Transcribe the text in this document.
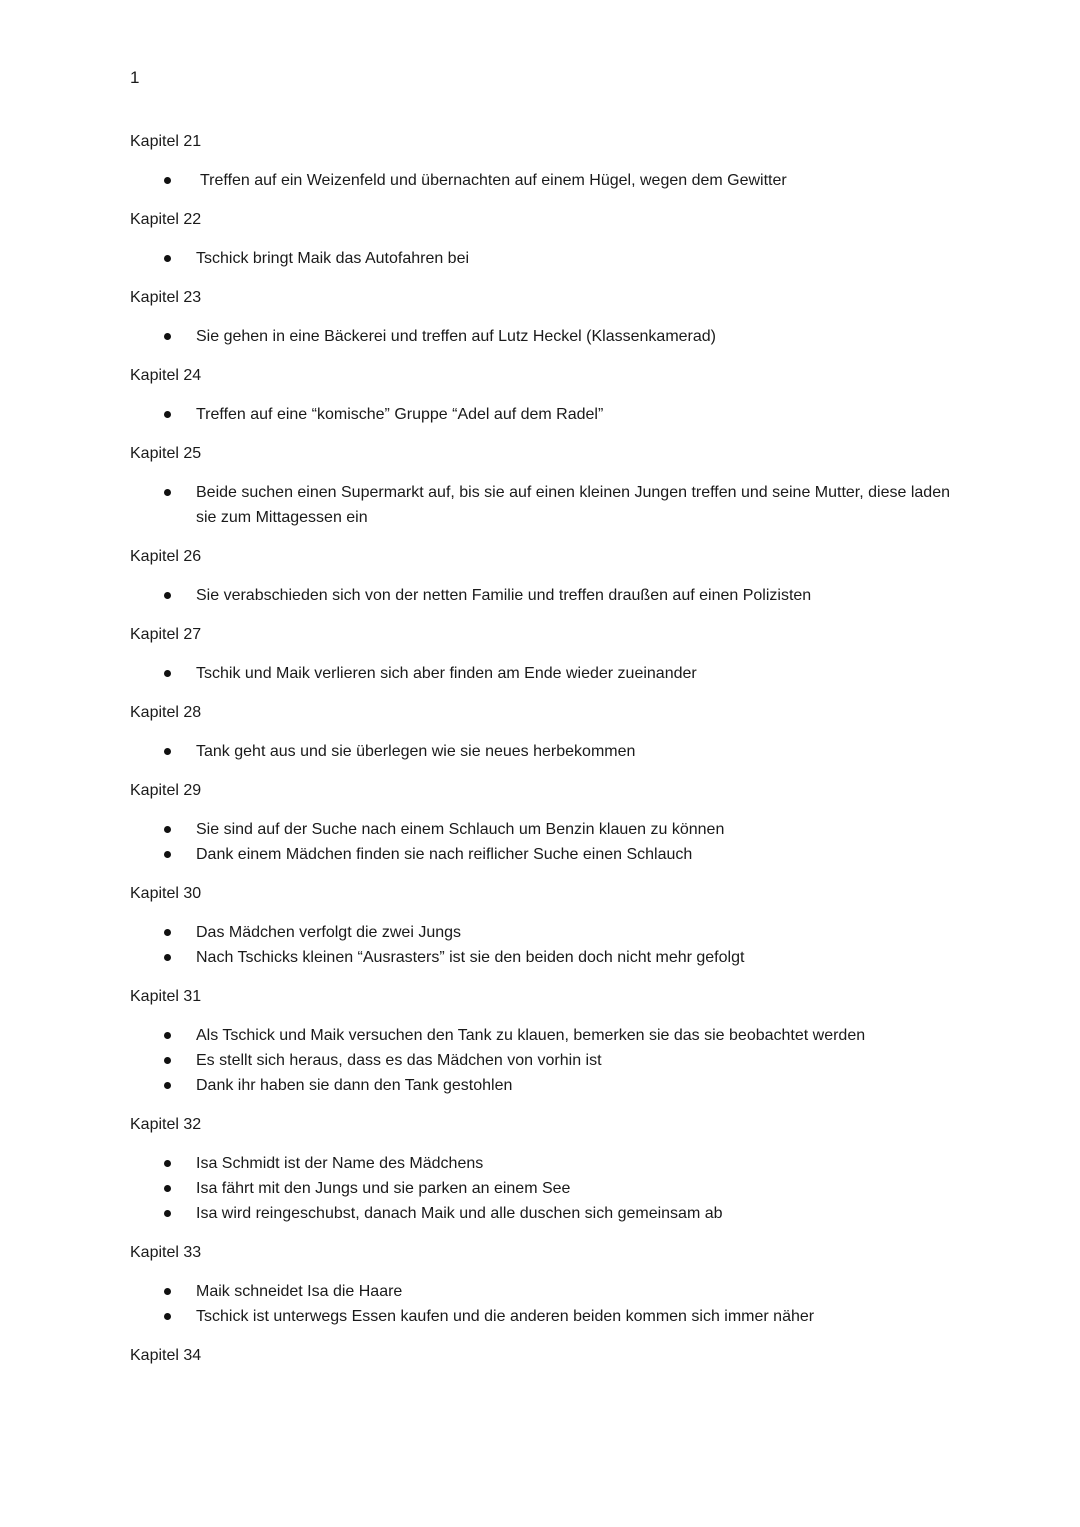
1
Kapitel 21
Treffen auf ein Weizenfeld und übernachten auf einem Hügel, wegen dem Gewitter
Kapitel 22
Tschick bringt Maik das Autofahren bei
Kapitel 23
Sie gehen in eine Bäckerei und treffen auf Lutz Heckel (Klassenkamerad)
Kapitel 24
Treffen auf eine “komische” Gruppe “Adel auf dem Radel”
Kapitel 25
Beide suchen einen Supermarkt auf, bis sie auf einen kleinen Jungen treffen und seine Mutter, diese laden sie zum Mittagessen ein
Kapitel 26
Sie verabschieden sich von der netten Familie und treffen draußen auf einen Polizisten
Kapitel 27
Tschik und Maik verlieren sich aber finden am Ende wieder zueinander
Kapitel 28
Tank geht aus und sie überlegen wie sie neues herbekommen
Kapitel 29
Sie sind auf der Suche nach einem Schlauch um Benzin klauen zu können
Dank einem Mädchen finden sie nach reiflicher Suche einen Schlauch
Kapitel 30
Das Mädchen verfolgt die zwei Jungs
Nach Tschicks kleinen “Ausrasters” ist sie den beiden doch nicht mehr gefolgt
Kapitel 31
Als Tschick und Maik versuchen den Tank zu klauen, bemerken sie das sie beobachtet werden
Es stellt sich heraus, dass es das Mädchen von vorhin ist
Dank ihr haben sie dann den Tank gestohlen
Kapitel 32
Isa Schmidt ist der Name des Mädchens
Isa fährt mit den Jungs und sie parken an einem See
Isa wird reingeschubst, danach Maik und alle duschen sich gemeinsam ab
Kapitel 33
Maik schneidet Isa die Haare
Tschick ist unterwegs Essen kaufen und die anderen beiden kommen sich immer näher
Kapitel 34
